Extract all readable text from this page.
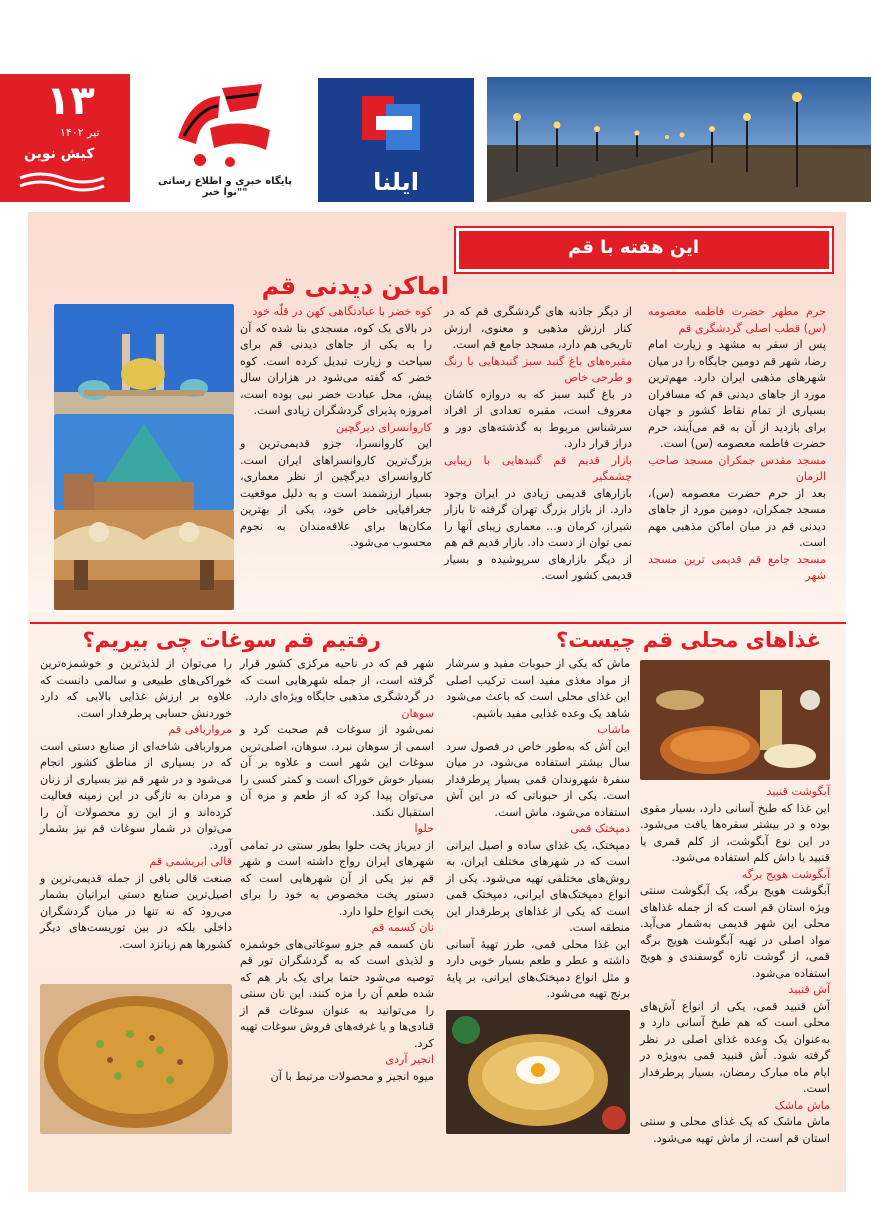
۱۳
تیر ۱۴۰۲
کیش نوین
پایگاه خبری و اطلاع رسانی "نوا خبر"	ایلنا
این هفته با قم
اماکن دیدنی قم

حرم مطهر حضرت فاطمه معصومه (س) قطب اصلی گردشگری قم

پس از سفر به مشهد و زیارت امام رضا، شهر قم دومین جایگاه را در میان شهرهای مذهبی ایران دارد. مهم‌ترین مورد از جاهای دیدنی قم که مسافران بسیاری از تمام نقاط کشور و جهان برای بازدید از آن به قم می‌آیند، حرم حضرت فاطمه معصومه (س) است.

مسجد مقدس جمکران مسجد صاحب الزمان

بعد از حرم حضرت معصومه (س)، مسجد جمکران، دومین مورد از جاهای دیدنی قم در میان اماکن مذهبی مهم است.

مسجد جامع قم قدیمی ترین مسجد شهر

از دیگر جاذبه های گردشگری قم که در کنار ارزش مذهبی و معنوی، ارزش تاریخی هم دارد، مسجد جامع قم است.

مقبره‌های باغ گنبد سبز گنبدهایی با رنگ و طرحی خاص

در باغ گنبد سبز که به دروازه کاشان معروف است، مقبره تعدادی از افراد سرشناس مربوط به گذشته‌های دور و دراز قرار دارد.

بازار قدیم قم گنبدهایی با زیبایی چشمگیر

بازارهای قدیمی زیادی در ایران وجود دارد. از بازار بزرگ تهران گرفته تا بازار شیراز، کرمان و... معماری زیبای آنها را نمی توان از دست داد. بازار قدیم قم هم از دیگر بازارهای سرپوشیده و بسیار قدیمی کشور است.

کوه خضر با عبادتگاهی کهن در قلّه خود

در بالای یک کوه، مسجدی بنا شده که آن را به یکی از جاهای دیدنی قم برای سیاحت و زیارت تبدیل کرده است. کوه خضر که گفته می‌شود در هزاران سال پیش، محل عبادت خضر نبی بوده است، امروزه پذیرای گردشگران زیادی است.

کاروانسرای دیرگچین

این کاروانسرا، جزو قدیمی‌ترین و بزرگ‌ترین کاروانسراهای ایران است. کاروانسرای دیرگچین از نظر معماری، بسیار ارزشمند است و به دلیل موقعیت جغرافیایی خاص خود، یکی از بهترین مکان‌ها برای علاقه‌مندان به نجوم محسوب می‌شود.

غذاهای محلی قم چیست؟
رفتیم قم سوغات چی بیریم؟

آبگوشت قنبید

این غذا که طبخ آسانی دارد، بسیار مقوی بوده و در بیشتر سفره‌ها یافت می‌شود. در این نوع آبگوشت، از کلم قمری یا قنبید یا داش کلم استفاده می‌شود.

آبگوشت هویج برگه

آبگوشت هویج برگه، یک آبگوشت سنتی ویژه استان قم است که از جمله غذاهای محلی این شهر قدیمی به‌شمار می‌آید. مواد اصلی در تهیه آبگوشت هویج برگه قمی، از گوشت تازه گوسفندی و هویج استفاده می‌شود.

آش قنبید

آش قنبید قمی، یکی از انواع آش‌های محلی است که هم طبخ آسانی دارد و به‌عنوان یک وعده غذای اصلی در نظر گرفته شود. آش قنبید قمی به‌ویژه در ایام ماه مبارک رمضان، بسیار پرطرفدار است.

ماش ماشک

ماش ماشک که یک غذای محلی و سنتی استان قم است، از ماش تهیه می‌شود.

ماش که یکی از حبوبات مفید و سرشار از مواد مغذی مفید است ترکیب اصلی این غذای محلی است که باعث می‌شود شاهد یک وعده غذایی مفید باشیم.

ماشاب

این آش که به‌طور خاص در فصول سرد سال بیشتر استفاده می‌شود، در میان سفرهٔ شهروندان قمی بسیار پرطرفدار است. یکی از حبوباتی که در این آش استفاده می‌شود، ماش است.

دمپختک قمی

دمپختک، یک غذای ساده و اصیل ایرانی است که در شهرهای مختلف ایران، به روش‌های مختلفی تهیه می‌شود. یکی از انواع دمپختک‌های ایرانی، دمپختک قمی است که یکی از غذاهای پرطرفدار این منطقه است.

این غذا محلی قمی، طرز تهیهٔ آسانی داشته و عطر و طعم بسیار خوبی دارد و مثل انواع دمپختک‌های ایرانی، بر پایهٔ برنج تهیه می‌شود.

شهر قم که در ناحیه مرکزی کشور قرار گرفته است، از جمله شهرهایی است که در گردشگری مذهبی جایگاه ویژه‌ای دارد.

سوهان

نمی‌شود از سوغات قم صحبت کرد و اسمی از سوهان نبرد. سوهان، اصلی‌ترین سوغات این شهر است و علاوه بر آن بسیار خوش خوراک است و کمتر کسی را می‌توان پیدا کرد که از طعم و مزه آن استقبال نکند.

حلوا

از دیرباز پخت حلوا بطور سنتی در تمامی شهرهای ایران رواج داشته است و شهر قم نیز یکی از آن شهرهایی است که دستور پخت مخصوص به خود را برای پخت انواع حلوا دارد.

نان کسمه قم

نان کسمه قم جزو سوغاتی‌های خوشمزه و لذیذی است که به گردشگران تور قم توصیه می‌شود حتما برای یک بار هم که شده طعم آن را مزه کنند. این نان سنتی را می‌توانید به عنوان سوغات قم از قنادی‌ها و یا غرفه‌های فروش سوغات تهیه کرد.

انجیر آردی

میوه انجیر و محصولات مرتبط با آن

را می‌توان از لذیذترین و خوشمزه‌ترین خوراکی‌های طبیعی و سالمی دانست که علاوه بر ارزش غذایی بالایی که دارد خوردنش حسابی پرطرفدار است.

مرواربافی قم

مرواربافی شاخه‌ای از صنایع دستی است که در بسیاری از مناطق کشور انجام می‌شود و در شهر قم نیز بسیاری از زنان و مردان به تازگی در این زمینه فعالیت کرده‌اند و از این رو محصولات آن را می‌توان در شمار سوغات قم نیز بشمار آورد.

قالی ابریشمی قم

صنعت قالی بافی از جمله قدیمی‌ترین و اصیل‌ترین صنایع دستی ایرانیان بشمار می‌رود که نه تنها در میان گردشگران داخلی بلکه در بین توریست‌های دیگر کشورها هم زبانزد است.
